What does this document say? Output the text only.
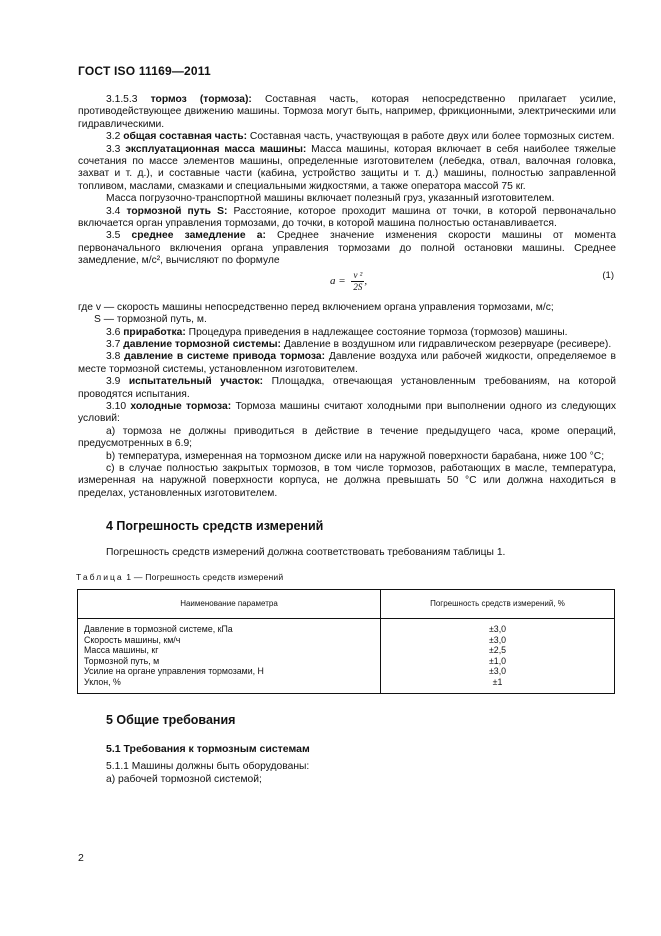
ГОСТ ISO 11169—2011

3.1.5.3 тормоз (тормоза): Составная часть, которая непосредственно прилагает усилие, противодействующее движению машины. Тормоза могут быть, например, фрикционными, электрическими или гидравлическими.

3.2 общая составная часть: Составная часть, участвующая в работе двух или более тормозных систем.

3.3 эксплуатационная масса машины: Масса машины, которая включает в себя наиболее тяжелые сочетания по массе элементов машины, определенные изготовителем (лебедка, отвал, валочная головка, захват и т. д.), и составные части (кабина, устройство защиты и т. д.) машины, полностью заправленной топливом, маслами, смазками и специальными жидкостями, а также оператора массой 75 кг.

Масса погрузочно-транспортной машины включает полезный груз, указанный изготовителем.

3.4 тормозной путь S: Расстояние, которое проходит машина от точки, в которой первоначально включается орган управления тормозами, до точки, в которой машина полностью останавливается.

3.5 среднее замедление a: Среднее значение изменения скорости машины от момента первоначального включения органа управления тормозами до полной остановки машины. Среднее замедление, м/с², вычисляют по формуле

$a = \frac{\text{v ²}}{2S}$ ,	(1)

где v — скорость машины непосредственно перед включением органа управления тормозами, м/с;

S — тормозной путь, м.

3.6 приработка: Процедура приведения в надлежащее состояние тормоза (тормозов) машины.

3.7 давление тормозной системы: Давление в воздушном или гидравлическом резервуаре (ресивере).

3.8 давление в системе привода тормоза: Давление воздуха или рабочей жидкости, определяемое в месте тормозной системы, установленном изготовителем.

3.9 испытательный участок: Площадка, отвечающая установленным требованиям, на которой проводятся испытания.

3.10 холодные тормоза: Тормоза машины считают холодными при выполнении одного из следующих условий:

a) тормоза не должны приводиться в действие в течение предыдущего часа, кроме операций, предусмотренных в 6.9;

b) температура, измеренная на тормозном диске или на наружной поверхности барабана, ниже 100 °C;

c) в случае полностью закрытых тормозов, в том числе тормозов, работающих в масле, температура, измеренная на наружной поверхности корпуса, не должна превышать 50 °C или должна находиться в пределах, установленных изготовителем.

4 Погрешность средств измерений

Погрешность средств измерений должна соответствовать требованиям таблицы 1.

Таблица 1 — Погрешность средств измерений
Наименование параметра	Погрешность средств измерений, %
Давление в тормозной системе, кПа	±3,0
Скорость машины, км/ч	±3,0
Масса машины, кг	±2,5
Тормозной путь, м	±1,0
Усилие на органе управления тормозами, Н	±3,0
Уклон, %	±1
5 Общие требования
5.1 Требования к тормозным системам

5.1.1 Машины должны быть оборудованы:

a) рабочей тормозной системой;

2
